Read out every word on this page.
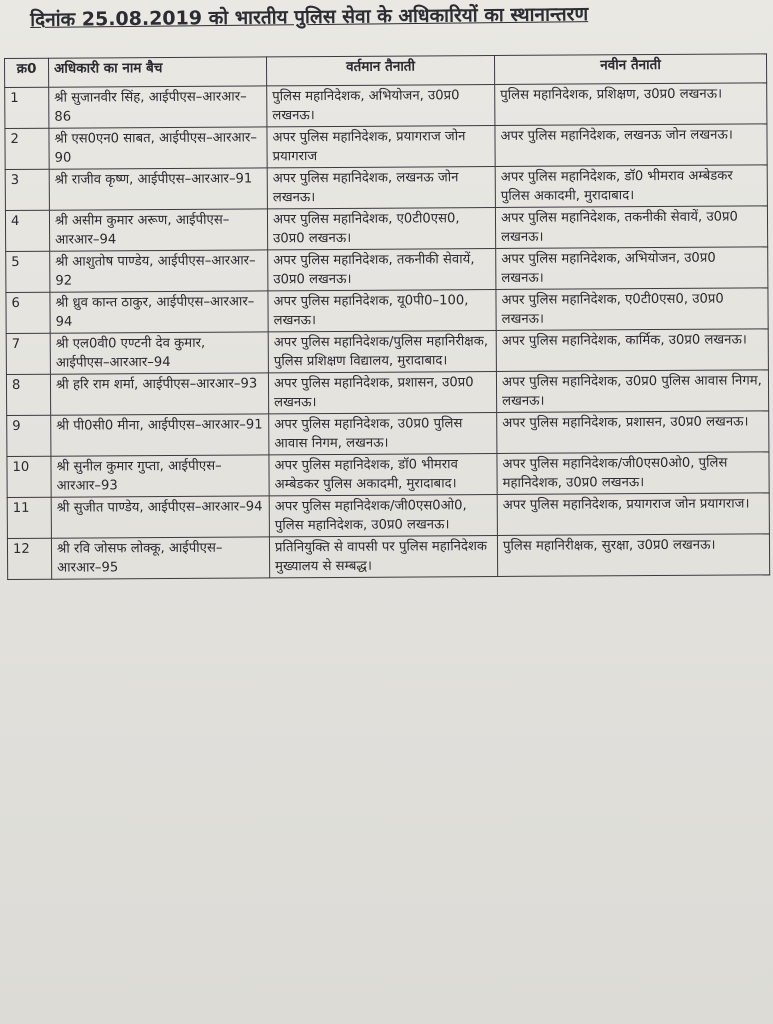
दिनांक 25.08.2019 को भारतीय पुलिस सेवा के अधिकारियों का स्थानान्तरण
क्र0	अधिकारी का नाम बैच	वर्तमान तैनाती	नवीन तैनाती
1	श्री सुजानवीर सिंह, आईपीएस–आरआर–86	पुलिस महानिदेशक, अभियोजन, उ0प्र0 लखनऊ।	पुलिस महानिदेशक, प्रशिक्षण, उ0प्र0 लखनऊ।
2	श्री एस0एन0 साबत, आईपीएस–आरआर–90	अपर पुलिस महानिदेशक, प्रयागराज जोन प्रयागराज	अपर पुलिस महानिदेशक, लखनऊ जोन लखनऊ।
3	श्री राजीव कृष्ण, आईपीएस–आरआर–91	अपर पुलिस महानिदेशक, लखनऊ जोन लखनऊ।	अपर पुलिस महानिदेशक, डॉ0 भीमराव अम्बेडकर पुलिस अकादमी, मुरादाबाद।
4	श्री असीम कुमार अरूण, आईपीएस–आरआर–94	अपर पुलिस महानिदेशक, ए0टी0एस0, उ0प्र0 लखनऊ।	अपर पुलिस महानिदेशक, तकनीकी सेवायें, उ0प्र0 लखनऊ।
5	श्री आशुतोष पाण्डेय, आईपीएस–आरआर–92	अपर पुलिस महानिदेशक, तकनीकी सेवायें, उ0प्र0 लखनऊ।	अपर पुलिस महानिदेशक, अभियोजन, उ0प्र0 लखनऊ।
6	श्री ध्रुव कान्त ठाकुर, आईपीएस–आरआर–94	अपर पुलिस महानिदेशक, यू0पी0–100, लखनऊ।	अपर पुलिस महानिदेशक, ए0टी0एस0, उ0प्र0 लखनऊ।
7	श्री एल0वी0 एण्टनी देव कुमार, आईपीएस–आरआर–94	अपर पुलिस महानिदेशक/पुलिस महानिरीक्षक, पुलिस प्रशिक्षण विद्यालय, मुरादाबाद।	अपर पुलिस महानिदेशक, कार्मिक, उ0प्र0 लखनऊ।
8	श्री हरि राम शर्मा, आईपीएस–आरआर–93	अपर पुलिस महानिदेशक, प्रशासन, उ0प्र0 लखनऊ।	अपर पुलिस महानिदेशक, उ0प्र0 पुलिस आवास निगम, लखनऊ।
9	श्री पी0सी0 मीना, आईपीएस–आरआर–91	अपर पुलिस महानिदेशक, उ0प्र0 पुलिस आवास निगम, लखनऊ।	अपर पुलिस महानिदेशक, प्रशासन, उ0प्र0 लखनऊ।
10	श्री सुनील कुमार गुप्ता, आईपीएस–आरआर–93	अपर पुलिस महानिदेशक, डॉ0 भीमराव अम्बेडकर पुलिस अकादमी, मुरादाबाद।	अपर पुलिस महानिदेशक/जी0एस0ओ0, पुलिस महानिदेशक, उ0प्र0 लखनऊ।
11	श्री सुजीत पाण्डेय, आईपीएस–आरआर–94	अपर पुलिस महानिदेशक/जी0एस0ओ0, पुलिस महानिदेशक, उ0प्र0 लखनऊ।	अपर पुलिस महानिदेशक, प्रयागराज जोन प्रयागराज।
12	श्री रवि जोसफ लोक्कू, आईपीएस–आरआर–95	प्रतिनियुक्ति से वापसी पर पुलिस महानिदेशक मुख्यालय से सम्बद्ध।	पुलिस महानिरीक्षक, सुरक्षा, उ0प्र0 लखनऊ।
